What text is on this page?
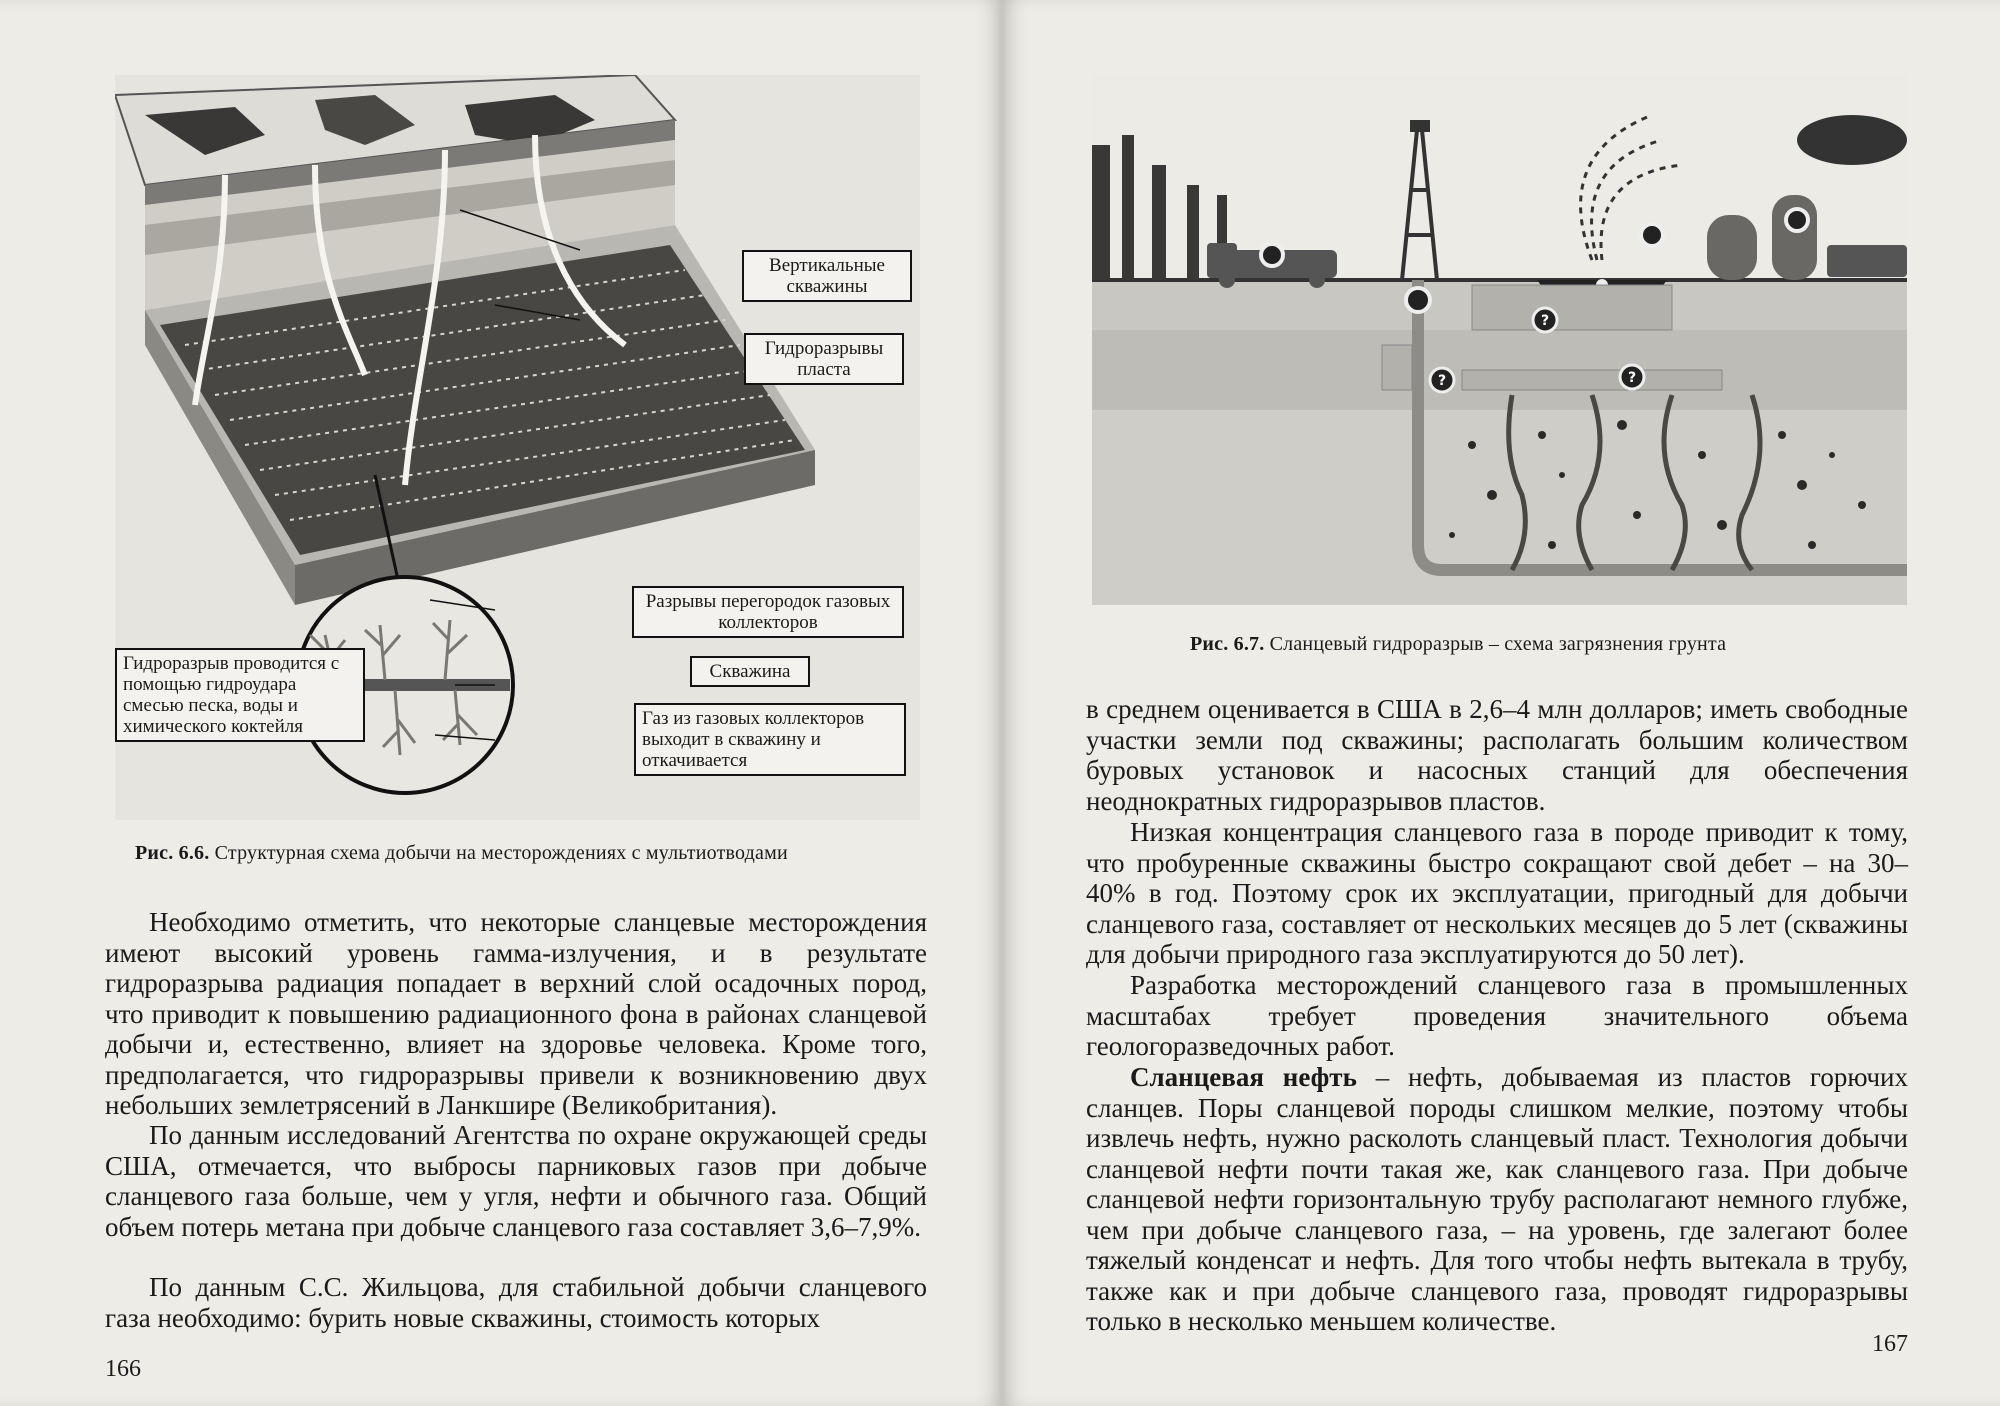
Вертикальные скважины
Гидроразрывы пласта
Разрывы перегородок газовых коллекторов
Гидроразрыв проводится с помощью гидроудара смесью песка, воды и химического коктейля
Скважина
Газ из газовых коллекторов выходит в скважину и откачивается
Рис. 6.6. Структурная схема добычи на месторождениях с мультиотводами
Необходимо отметить, что некоторые сланцевые месторождения имеют высокий уровень гамма-излучения, и в результате гидроразрыва радиация попадает в верхний слой осадочных пород, что приводит к повышению радиационного фона в районах сланцевой добычи и, естественно, влияет на здоровье человека. Кроме того, предполагается, что гидроразрывы привели к возникновению двух небольших землетрясений в Ланкшире (Великобритания).
По данным исследований Агентства по охране окружающей среды США, отмечается, что выбросы парниковых газов при добыче сланцевого газа больше, чем у угля, нефти и обычного газа. Общий объем потерь метана при добыче сланцевого газа составляет 3,6–7,9%.
По данным С.С. Жильцова, для стабильной добычи сланцевого газа необходимо: бурить новые скважины, стоимость которых
166
?
?	?
Рис. 6.7. Сланцевый гидроразрыв – схема загрязнения грунта
в среднем оценивается в США в 2,6–4 млн долларов; иметь свободные участки земли под скважины; располагать большим количеством буровых установок и насосных станций для обеспечения неоднократных гидроразрывов пластов.
Низкая концентрация сланцевого газа в породе приводит к тому, что пробуренные скважины быстро сокращают свой дебет – на 30–40% в год. Поэтому срок их эксплуатации, пригодный для добычи сланцевого газа, составляет от нескольких месяцев до 5 лет (скважины для добычи природного газа эксплуатируются до 50 лет).
Разработка месторождений сланцевого газа в промышленных масштабах требует проведения значительного объема геологоразведочных работ.
Сланцевая нефть – нефть, добываемая из пластов горючих сланцев. Поры сланцевой породы слишком мелкие, поэтому чтобы извлечь нефть, нужно расколоть сланцевый пласт. Технология добычи сланцевой нефти почти такая же, как сланцевого газа. При добыче сланцевой нефти горизонтальную трубу располагают немного глубже, чем при добыче сланцевого газа, – на уровень, где залегают более тяжелый конденсат и нефть. Для того чтобы нефть вытекала в трубу, также как и при добыче сланцевого газа, проводят гидроразрывы только в несколько меньшем количестве.
167
